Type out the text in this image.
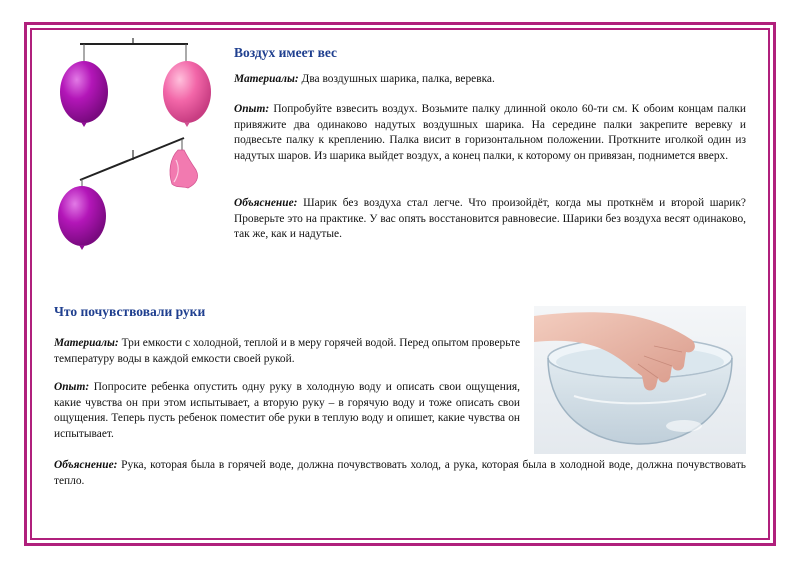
Воздух имеет вес

Материалы: Два воздушных шарика, палка, веревка.

Опыт: Попробуйте взвесить воздух. Возьмите палку длинной около 60-ти см. К обоим концам палки привяжите два одинаково надутых воздушных шарика. На середине палки закрепите веревку и подвесьте палку к креплению. Палка висит в горизонтальном положении. Проткните иголкой один из надутых шаров. Из шарика выйдет воздух, а конец палки, к которому он привязан, поднимется вверх.

Объяснение: Шарик без воздуха стал легче. Что произойдёт, когда мы проткнём и второй шарик? Проверьте это на практике. У вас опять восстановится равновесие. Шарики без воздуха весят одинаково, так же, как и надутые.

Что почувствовали руки

Материалы: Три емкости с холодной, теплой и в меру горячей водой. Перед опытом проверьте температуру воды в каждой емкости своей рукой.

Опыт: Попросите ребенка опустить одну руку в холодную воду и описать свои ощущения, какие чувства он при этом испытывает, а вторую руку – в горячую воду и тоже описать свои ощущения. Теперь пусть ребенок поместит обе руки в теплую воду и опишет, какие чувства он испытывает.

Объяснение: Рука, которая была в горячей воде, должна почувствовать холод, а рука, которая была в холодной воде, должна почувствовать тепло.
